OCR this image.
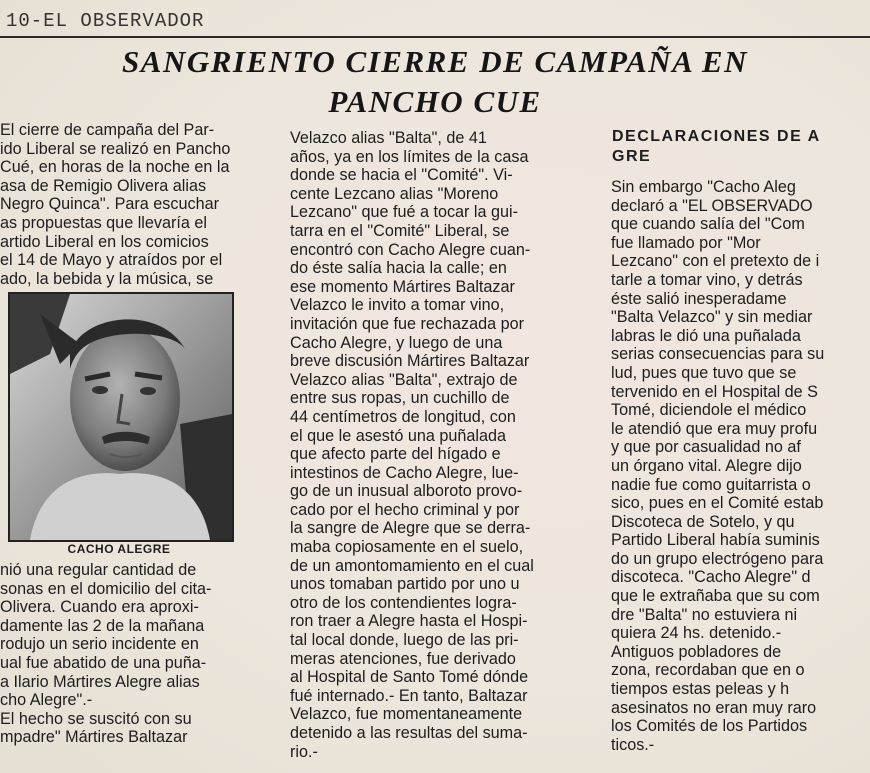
10-EL OBSERVADOR
SANGRIENTO CIERRE DE CAMPAÑA EN
PANCHO CUE
El cierre de campaña del Par-
ido Liberal se realizó en Pancho
Cué, en horas de la noche en la
asa de Remigio Olivera alias
Negro Quinca". Para escuchar
as propuestas que llevaría el
artido Liberal en los comicios
el 14 de Mayo y atraídos por el
ado, la bebida y la música, se
CACHO ALEGRE
nió una regular cantidad de
sonas en el domicilio del cita-
Olivera. Cuando era aproxi-
damente las 2 de la mañana
rodujo un serio incidente en
ual fue abatido de una puña-
a Ilario Mártires Alegre alias
cho Alegre".-
El hecho se suscitó con su
mpadre" Mártires Baltazar
Velazco alias "Balta", de 41
años, ya en los límites de la casa
donde se hacia el "Comité". Vi-
cente Lezcano alias "Moreno
Lezcano" que fué a tocar la gui-
tarra en el "Comité" Liberal, se
encontró con Cacho Alegre cuan-
do éste salía hacia la calle; en
ese momento Mártires Baltazar
Velazco le invito a tomar vino,
invitación que fue rechazada por
Cacho Alegre, y luego de una
breve discusión Mártires Baltazar
Velazco alias "Balta", extrajo de
entre sus ropas, un cuchillo de
44 centímetros de longitud, con
el que le asestó una puñalada
que afecto parte del hígado e
intestinos de Cacho Alegre, lue-
go de un inusual alboroto provo-
cado por el hecho criminal y por
la sangre de Alegre que se derra-
maba copiosamente en el suelo,
de un amontomamiento en el cual
unos tomaban partido por uno u
otro de los contendientes logra-
ron traer a Alegre hasta el Hospi-
tal local donde, luego de las pri-
meras atenciones, fue derivado
al Hospital de Santo Tomé dónde
fué internado.- En tanto, Baltazar
Velazco, fue momentaneamente
detenido a las resultas del suma-
rio.-
DECLARACIONES DE A
GRE
Sin embargo "Cacho Aleg
declaró a "EL OBSERVADO
que cuando salía del "Com
fue llamado por "Mor
Lezcano" con el pretexto de i
tarle a tomar vino, y detrás
éste salió inesperadame
"Balta Velazco" y sin mediar
labras le dió una puñalada
serias consecuencias para su
lud, pues que tuvo que se
tervenido en el Hospital de S
Tomé, diciendole el médico
le atendió que era muy profu
y que por casualidad no af
un órgano vital. Alegre dijo
nadie fue como guitarrista o
sico, pues en el Comité estab
Discoteca de Sotelo, y qu
Partido Liberal había suminis
do un grupo electrógeno para
discoteca. "Cacho Alegre" d
que le extrañaba que su com
dre "Balta" no estuviera ni
quiera 24 hs. detenido.-
Antiguos pobladores de
zona, recordaban que en o
tiempos estas peleas y h
asesinatos no eran muy raro
los Comités de los Partidos
ticos.-
